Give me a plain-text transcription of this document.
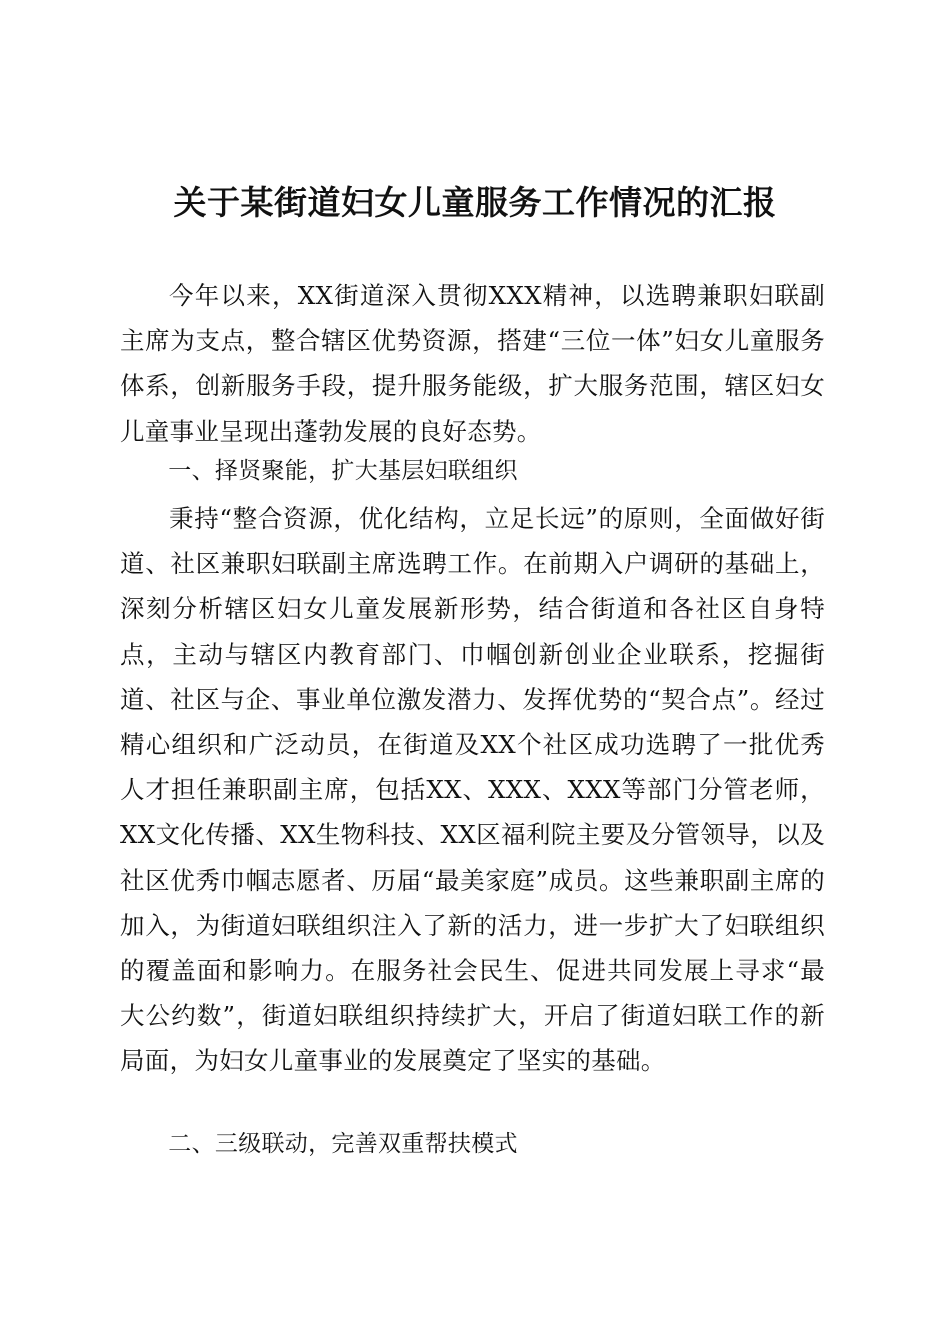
关于某街道妇女儿童服务工作情况的汇报

今年以来，XX街道深入贯彻XXX精神，以选聘兼职妇联副主席为支点，整合辖区优势资源，搭建“三位一体”妇女儿童服务体系，创新服务手段，提升服务能级，扩大服务范围，辖区妇女儿童事业呈现出蓬勃发展的良好态势。

一、择贤聚能，扩大基层妇联组织

秉持“整合资源，优化结构，立足长远”的原则，全面做好街道、社区兼职妇联副主席选聘工作。在前期入户调研的基础上，深刻分析辖区妇女儿童发展新形势，结合街道和各社区自身特点，主动与辖区内教育部门、巾帼创新创业企业联系，挖掘街道、社区与企、事业单位激发潜力、发挥优势的“契合点”。经过精心组织和广泛动员，在街道及XX个社区成功选聘了一批优秀人才担任兼职副主席，包括XX、XXX、XXX等部门分管老师，XX文化传播、XX生物科技、XX区福利院主要及分管领导，以及社区优秀巾帼志愿者、历届“最美家庭”成员。这些兼职副主席的加入，为街道妇联组织注入了新的活力，进一步扩大了妇联组织的覆盖面和影响力。在服务社会民生、促进共同发展上寻求“最大公约数”，街道妇联组织持续扩大，开启了街道妇联工作的新局面，为妇女儿童事业的发展奠定了坚实的基础。

二、三级联动，完善双重帮扶模式
